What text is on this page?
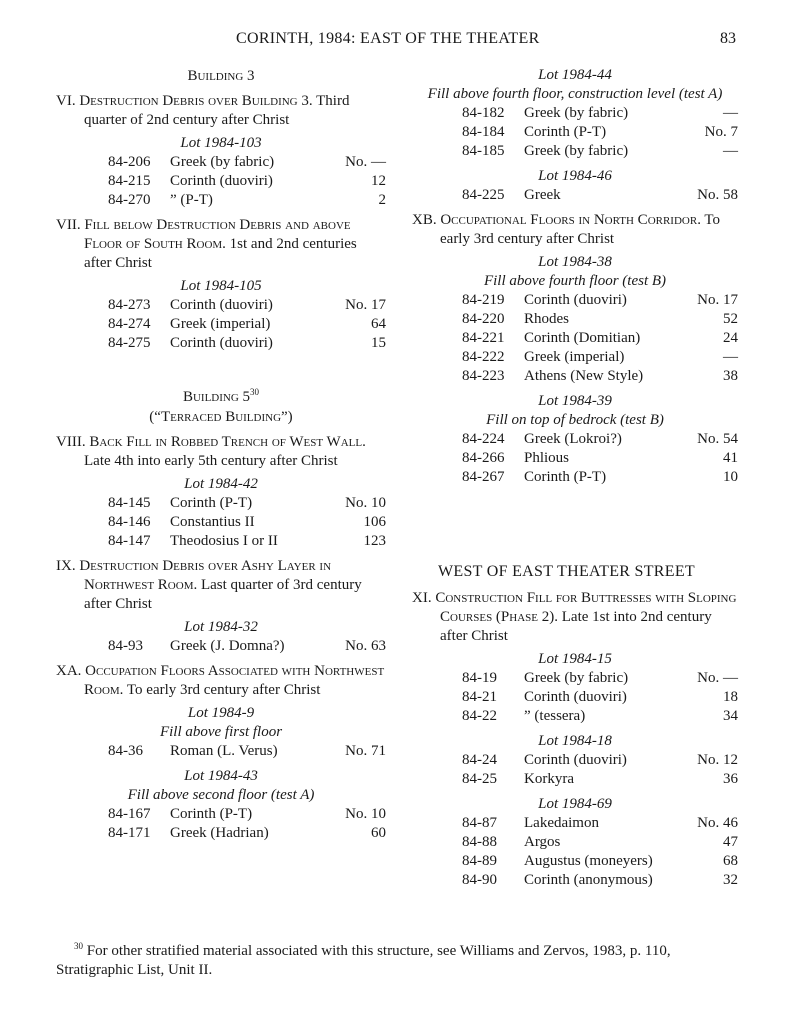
CORINTH, 1984: EAST OF THE THEATER	83
Building 3
VI. Destruction Debris over Building 3. Third quarter of 2nd century after Christ
Lot 1984-103
84-206 Greek (by fabric)	No. —
84-215 Corinth (duoviri)	12
84-270 ” (P-T)	2
VII. Fill below Destruction Debris and above Floor of South Room. 1st and 2nd centuries after Christ
Lot 1984-105
84-273 Corinth (duoviri)	No. 17
84-274 Greek (imperial)	64
84-275 Corinth (duoviri)	15
Building $5^{30}$
(“Terraced Building”)
VIII. Back Fill in Robbed Trench of West Wall. Late 4th into early 5th century after Christ
Lot 1984-42
84-145 Corinth (P-T)	No. 10
84-146 Constantius II	106
84-147 Theodosius I or II	123
IX. Destruction Debris over Ashy Layer in Northwest Room. Last quarter of 3rd century after Christ
Lot 1984-32
84-93 Greek (J. Domna?)	No. 63
XA. Occupation Floors Associated with Northwest Room. To early 3rd century after Christ
Lot 1984-9
Fill above first floor
84-36 Roman (L. Verus)	No. 71
Lot 1984-43
Fill above second floor (test A)
84-167 Corinth (P-T)	No. 10
84-171 Greek (Hadrian)	60
Lot 1984-44
Fill above fourth floor, construction level (test A)
84-182 Greek (by fabric)	—
84-184 Corinth (P-T)	No. 7
84-185 Greek (by fabric)	—
Lot 1984-46
84-225 Greek	No. 58
XB. Occupational Floors in North Corridor. To early 3rd century after Christ
Lot 1984-38
Fill above fourth floor (test B)
84-219 Corinth (duoviri)	No. 17
84-220 Rhodes	52
84-221 Corinth (Domitian)	24
84-222 Greek (imperial)	—
84-223 Athens (New Style)	38
Lot 1984-39
Fill on top of bedrock (test B)
84-224 Greek (Lokroi?)	No. 54
84-266 Phlious	41
84-267 Corinth (P-T)	10
WEST OF EAST THEATER STREET
XI. Construction Fill for Buttresses with Sloping Courses (Phase 2). Late 1st into 2nd century after Christ
Lot 1984-15
84-19 Greek (by fabric)	No. —
84-21 Corinth (duoviri)	18
84-22 ” (tessera)	34
Lot 1984-18
84-24 Corinth (duoviri)	No. 12
84-25 Korkyra	36
Lot 1984-69
84-87 Lakedaimon	No. 46
84-88 Argos	47
84-89 Augustus (moneyers)	68
84-90 Corinth (anonymous)	32
$^{30}$ For other stratified material associated with this structure, see Williams and Zervos, 1983, p. 110, Stratigraphic List, Unit II.
